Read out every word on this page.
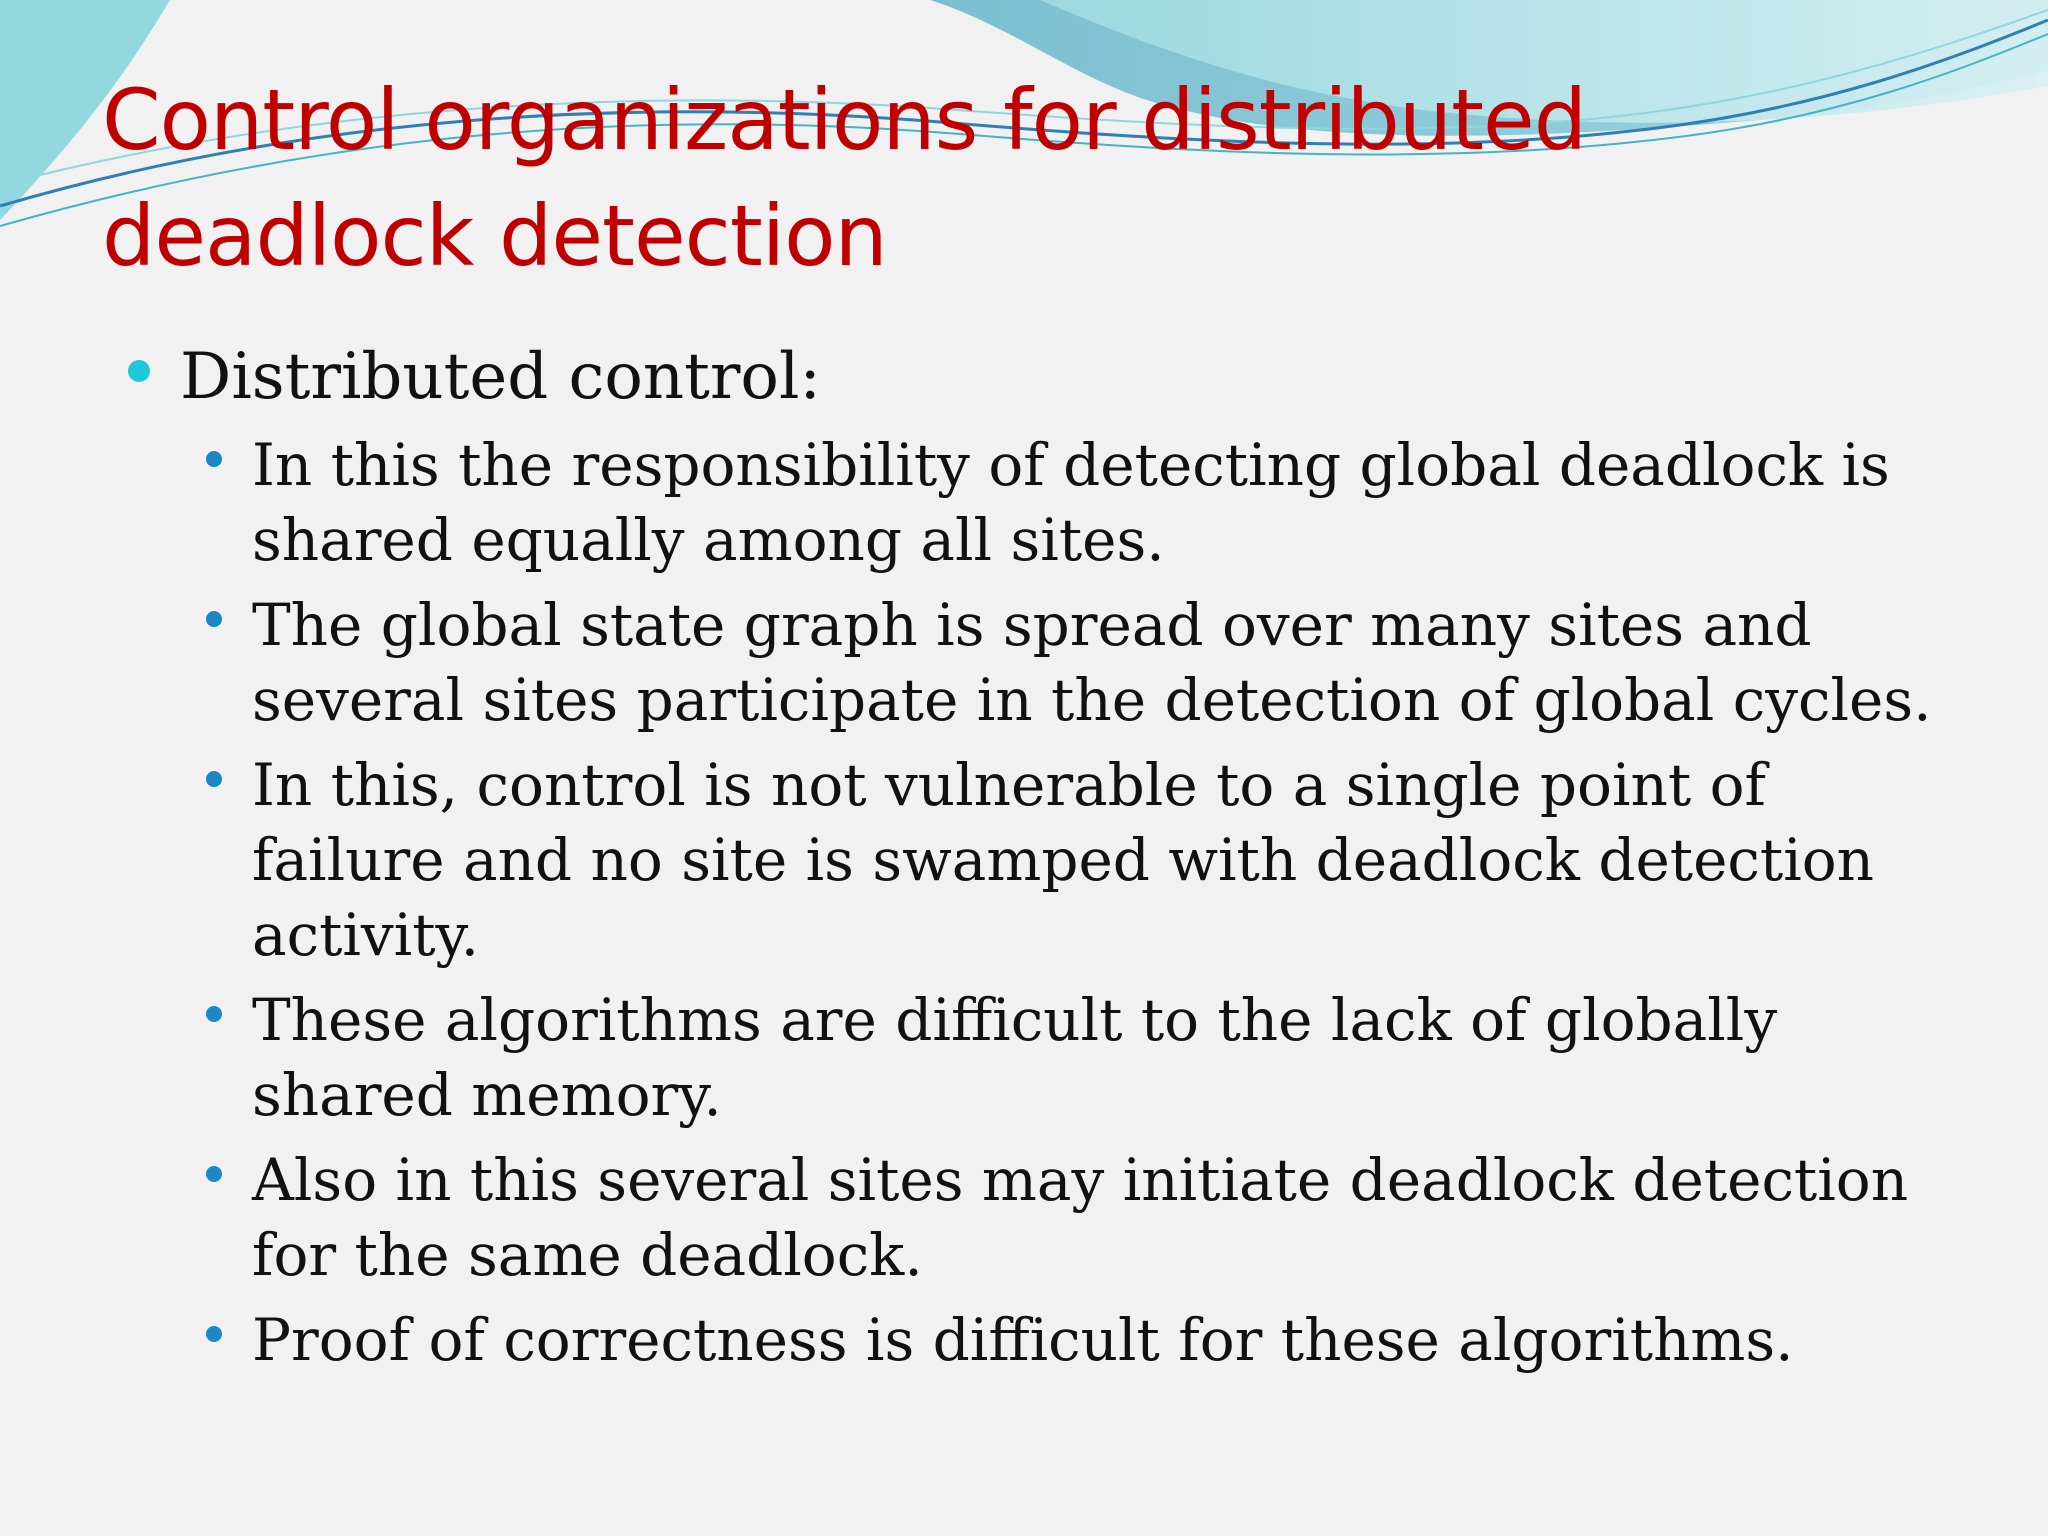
Control organizations for distributed deadlock detection
Distributed control:
In this the responsibility of detecting global deadlock is shared equally among all sites.
The global state graph is spread over many sites and several sites participate in the detection of global cycles.
In this, control is not vulnerable to a single point of failure and no site is swamped with deadlock detection activity.
These algorithms are difficult to the lack of globally shared memory.
Also in this several sites may initiate deadlock detection for the same deadlock.
Proof of correctness is difficult for these algorithms.
